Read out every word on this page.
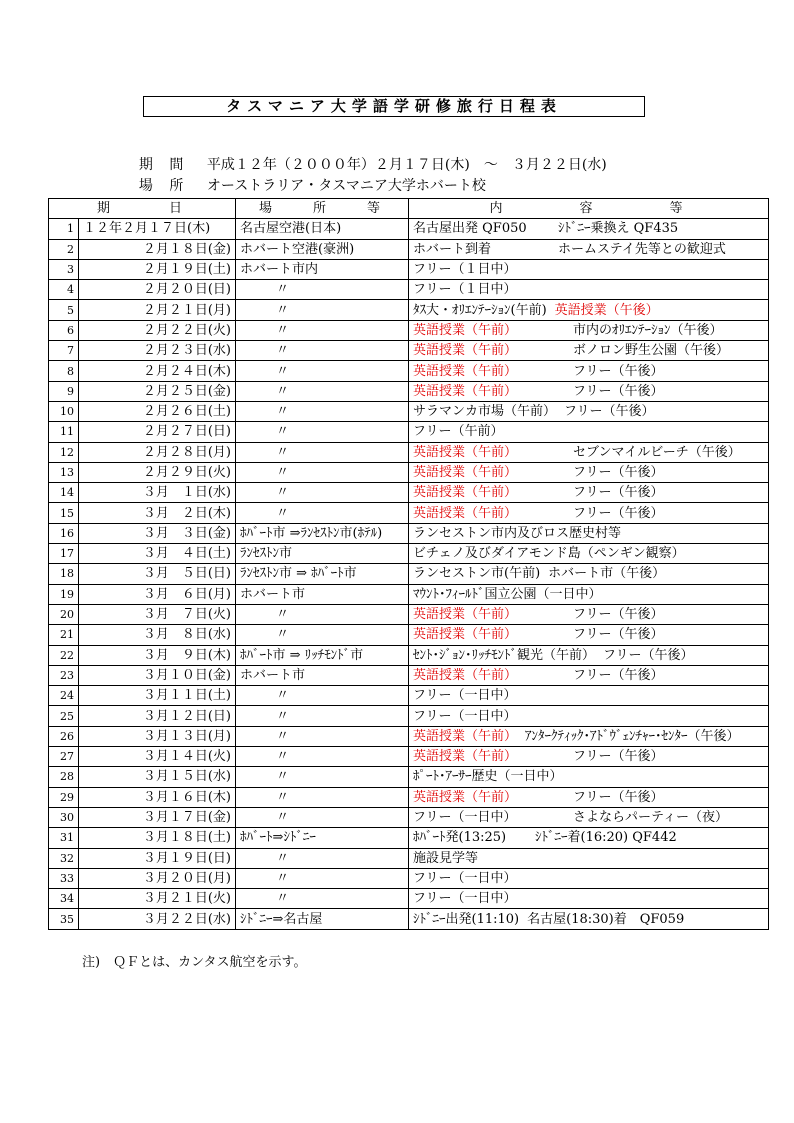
タスマニア大学語学研修旅行日程表

期 間 平成１２年（２０００年）２月１７日(木)　～　３月２２日(水)

場 所 オーストラリア・タスマニア大学ホバート校

期　　　日		場　　所　　等	内　　　　容　　　　等
1	１２年２月１７日(木)	名古屋空港(日本)	名古屋出発 QF050 ｼﾄﾞﾆｰ乗換え QF435
2	２月１８日(金)	ホバート空港(豪洲)	ホバート到着 ホームステイ先等との歓迎式
3	２月１９日(土)	ホバート市内	フリー（１日中）
4	２月２０日(日)	〃	フリー（１日中）
5	２月２１日(月)	〃	ﾀｽ大・ｵﾘｴﾝﾃｰｼｮﾝ(午前) 英語授業（午後）
6	２月２２日(火)	〃	英語授業（午前） 市内のｵﾘｴﾝﾃｰｼｮﾝ（午後）
7	２月２３日(水)	〃	英語授業（午前） ボノロン野生公園（午後）
8	２月２４日(木)	〃	英語授業（午前） フリー（午後）
9	２月２５日(金)	〃	英語授業（午前） フリー（午後）
10	２月２６日(土)	〃	サラマンカ市場（午前） フリー（午後）
11	２月２７日(日)	〃	フリー（午前）
12	２月２８日(月)	〃	英語授業（午前） セブンマイルビーチ（午後）
13	２月２９日(火)	〃	英語授業（午前） フリー（午後）
14	３月　１日(水)	〃	英語授業（午前） フリー（午後）
15	３月　２日(木)	〃	英語授業（午前） フリー（午後）
16	３月　３日(金)	ﾎﾊﾞｰﾄ市 ⇒ﾗﾝｾｽﾄﾝ市(ﾎﾃﾙ)	ランセストン市内及びロス歴史村等
17	３月　４日(土)	ﾗﾝｾｽﾄﾝ市	ビチェノ及びダイアモンド島（ペンギン観察）
18	３月　５日(日)	ﾗﾝｾｽﾄﾝ市 ⇒ ﾎﾊﾞｰﾄ市	ランセストン市(午前) ホバート市（午後）
19	３月　６日(月)	ホバート市	ﾏｳﾝﾄ･ﾌｨｰﾙﾄﾞ国立公園（一日中）
20	３月　７日(火)	〃	英語授業（午前） フリー（午後）
21	３月　８日(水)	〃	英語授業（午前） フリー（午後）
22	３月　９日(木)	ﾎﾊﾞｰﾄ市 ⇒ ﾘｯﾁﾓﾝﾄﾞ市	ｾﾝﾄ･ｼﾞｮﾝ･ﾘｯﾁﾓﾝﾄﾞ観光（午前） フリー（午後）
23	３月１０日(金)	ホバート市	英語授業（午前） フリー（午後）
24	３月１１日(土)	〃	フリー（一日中）
25	３月１２日(日)	〃	フリー（一日中）
26	３月１３日(月)	〃	英語授業（午前） ｱﾝﾀｰｸﾃｨｯｸ･ｱﾄﾞｳﾞｪﾝﾁｬｰ･ｾﾝﾀｰ（午後）
27	３月１４日(火)	〃	英語授業（午前） フリー（午後）
28	３月１５日(水)	〃	ﾎﾟｰﾄ･ｱｰｻｰ歴史（一日中）
29	３月１６日(木)	〃	英語授業（午前） フリー（午後）
30	３月１７日(金)	〃	フリー（一日中） さよならパーティー（夜）
31	３月１８日(土)	ﾎﾊﾞｰﾄ⇒ｼﾄﾞﾆｰ	ﾎﾊﾞｰﾄ発(13:25) ｼﾄﾞﾆｰ着(16:20) QF442
32	３月１９日(日)	〃	施設見学等
33	３月２０日(月)	〃	フリー（一日中）
34	３月２１日(火)	〃	フリー（一日中）
35	３月２２日(水)	ｼﾄﾞﾆｰ⇒名古屋	ｼﾄﾞﾆｰ出発(11:10) 名古屋(18:30)着　QF059
注)　ＱＦとは、カンタス航空を示す。
